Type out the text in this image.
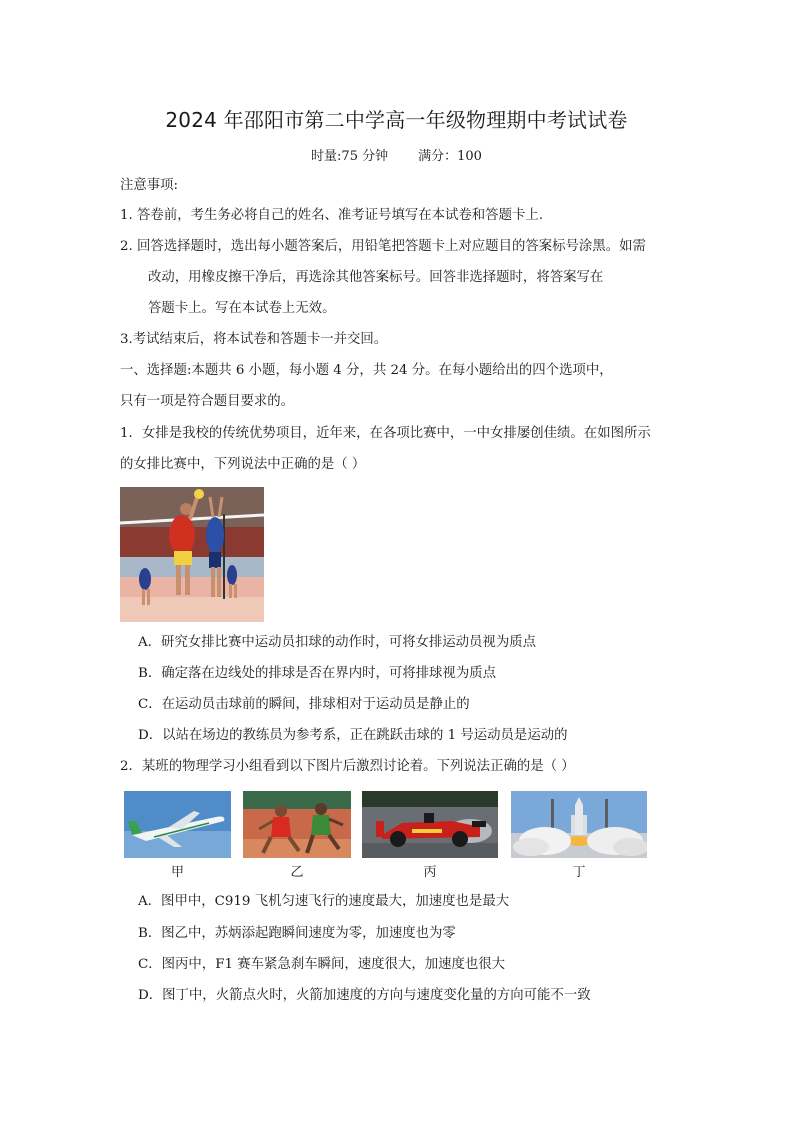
2024 年邵阳市第二中学高一年级物理期中考试试卷
时量:75 分钟 满分：100
注意事项:
1. 答卷前，考生务必将自己的姓名、准考证号填写在本试卷和答题卡上.
2. 回答选择题时，选出每小题答案后，用铅笔把答题卡上对应题目的答案标号涂黑。如需
改动，用橡皮擦干净后，再选涂其他答案标号。回答非选择题时，将答案写在
答题卡上。写在本试卷上无效。
3.考试结束后，将本试卷和答题卡一并交回。
一、选择题:本题共 6 小题，每小题 4 分，共 24 分。在每小题给出的四个选项中，
只有一项是符合题目要求的。
1．女排是我校的传统优势项目，近年来，在各项比赛中，一中女排屡创佳绩。在如图所示
的女排比赛中，下列说法中正确的是（ ）
A．研究女排比赛中运动员扣球的动作时，可将女排运动员视为质点
B．确定落在边线处的排球是否在界内时，可将排球视为质点
C．在运动员击球前的瞬间，排球相对于运动员是静止的
D．以站在场边的教练员为参考系，正在跳跃击球的 1 号运动员是运动的
2．某班的物理学习小组看到以下图片后激烈讨论着。下列说法正确的是（ ）
甲	乙	丙	丁
A．图甲中，C919 飞机匀速飞行的速度最大，加速度也是最大
B．图乙中，苏炳添起跑瞬间速度为零，加速度也为零
C．图丙中，F1 赛车紧急刹车瞬间，速度很大，加速度也很大
D．图丁中，火箭点火时，火箭加速度的方向与速度变化量的方向可能不一致
